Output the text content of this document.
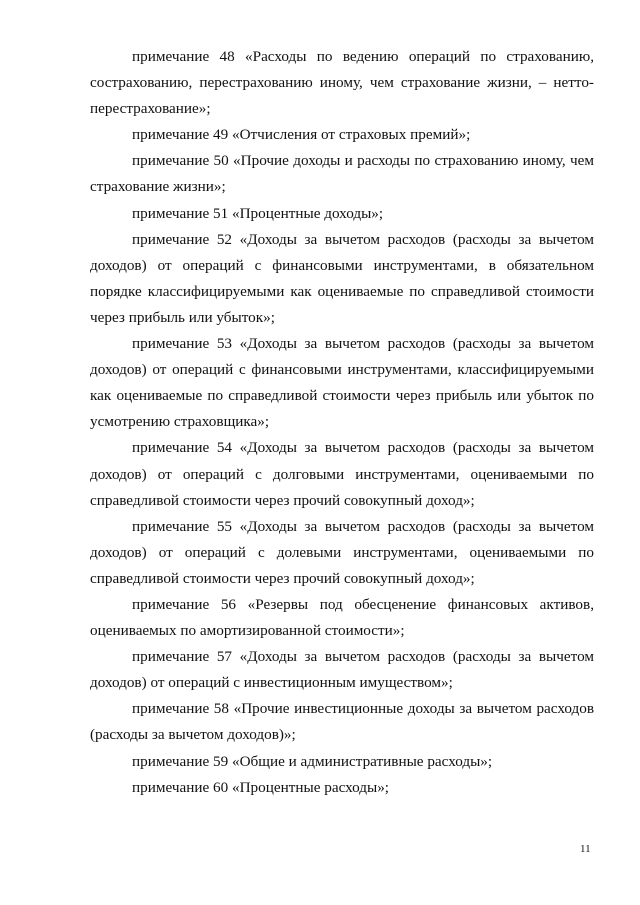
примечание 48 «Расходы по ведению операций по страхованию, сострахованию, перестрахованию иному, чем страхование жизни, – нетто-перестрахование»;

примечание 49 «Отчисления от страховых премий»;

примечание 50 «Прочие доходы и расходы по страхованию иному, чем страхование жизни»;

примечание 51 «Процентные доходы»;

примечание 52 «Доходы за вычетом расходов (расходы за вычетом доходов) от операций с финансовыми инструментами, в обязательном порядке классифицируемыми как оцениваемые по справедливой стоимости через прибыль или убыток»;

примечание 53 «Доходы за вычетом расходов (расходы за вычетом доходов) от операций с финансовыми инструментами, классифицируемыми как оцениваемые по справедливой стоимости через прибыль или убыток по усмотрению страховщика»;

примечание 54 «Доходы за вычетом расходов (расходы за вычетом доходов) от операций с долговыми инструментами, оцениваемыми по справедливой стоимости через прочий совокупный доход»;

примечание 55 «Доходы за вычетом расходов (расходы за вычетом доходов) от операций с долевыми инструментами, оцениваемыми по справедливой стоимости через прочий совокупный доход»;

примечание 56 «Резервы под обесценение финансовых активов, оцениваемых по амортизированной стоимости»;

примечание 57 «Доходы за вычетом расходов (расходы за вычетом доходов) от операций с инвестиционным имуществом»;

примечание 58 «Прочие инвестиционные доходы за вычетом расходов (расходы за вычетом доходов)»;

примечание 59 «Общие и административные расходы»;

примечание 60 «Процентные расходы»;

11
